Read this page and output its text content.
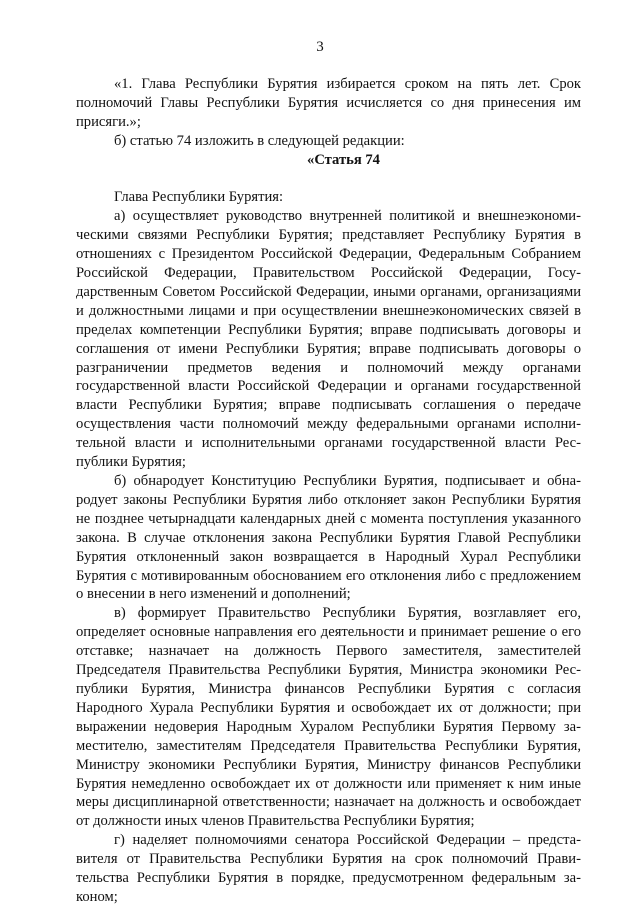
3

«1. Глава Республики Бурятия избирается сроком на пять лет. Срок полномочий Главы Республики Бурятия исчисляется со дня принесения им присяги.»;

б) статью 74 изложить в следующей редакции:

«Статья 74

Глава Республики Бурятия:

а) осуществляет руководство внутренней политикой и внешнеэкономическими связями Республики Бурятия; представляет Республику Бурятия в отношениях с Президентом Российской Федерации, Федеральным Собранием Российской Федерации, Правительством Российской Федерации, Государственным Советом Российской Федерации, иными органами, организациями и должностными лицами и при осуществлении внешнеэкономических связей в пределах компетенции Республики Бурятия; вправе подписывать договоры и соглашения от имени Республики Бурятия; вправе подписывать договоры о разграничении предметов ведения и полномочий между органами государственной власти Российской Федерации и органами государственной власти Республики Бурятия; вправе подписывать соглашения о передаче осуществления части полномочий между федеральными органами исполнительной власти и исполнительными органами государственной власти Республики Бурятия;

б) обнародует Конституцию Республики Бурятия, подписывает и обнародует законы Республики Бурятия либо отклоняет закон Республики Бурятия не позднее четырнадцати календарных дней с момента поступления указанного закона. В случае отклонения закона Республики Бурятия Главой Республики Бурятия отклоненный закон возвращается в Народный Хурал Республики Бурятия с мотивированным обоснованием его отклонения либо с предложением о внесении в него изменений и дополнений;

в) формирует Правительство Республики Бурятия, возглавляет его, определяет основные направления его деятельности и принимает решение о его отставке; назначает на должность Первого заместителя, заместителей Председателя Правительства Республики Бурятия, Министра экономики Республики Бурятия, Министра финансов Республики Бурятия с согласия Народного Хурала Республики Бурятия и освобождает их от должности; при выражении недоверия Народным Хуралом Республики Бурятия Первому заместителю, заместителям Председателя Правительства Республики Бурятия, Министру экономики Республики Бурятия, Министру финансов Республики Бурятия немедленно освобождает их от должности или применяет к ним иные меры дисциплинарной ответственности; назначает на должность и освобождает от должности иных членов Правительства Республики Бурятия;

г) наделяет полномочиями сенатора Российской Федерации – представителя от Правительства Республики Бурятия на срок полномочий Правительства Республики Бурятия в порядке, предусмотренном федеральным законом;
